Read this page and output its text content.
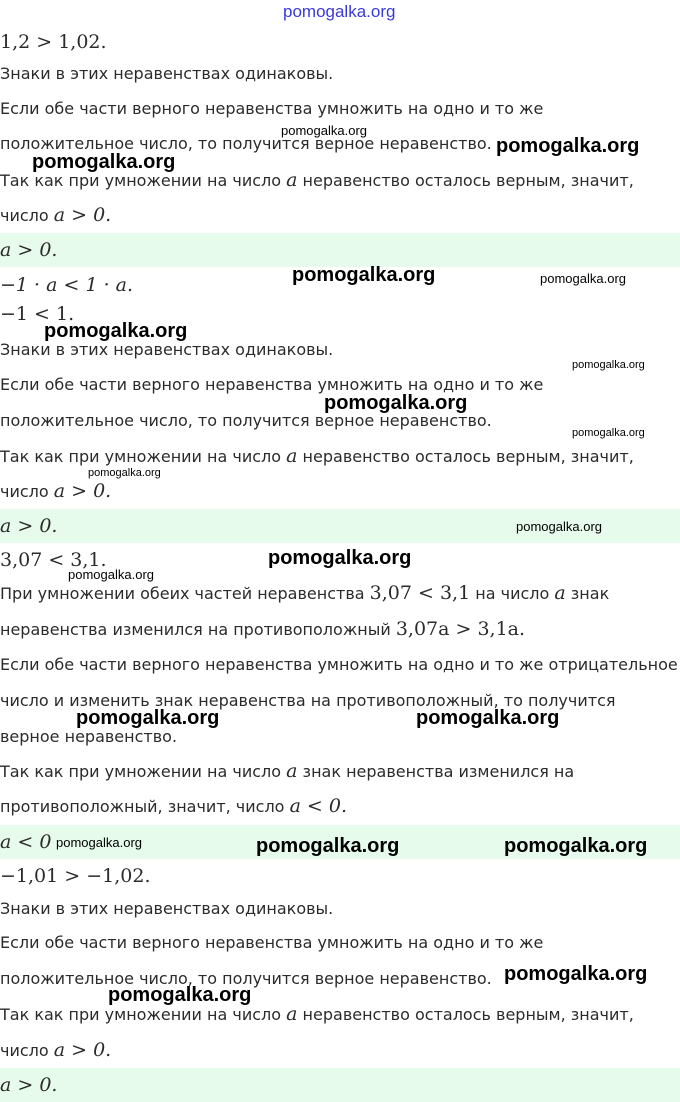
1,2 > 1,02.
Знаки в этих неравенствах одинаковы.
Если обе части верного неравенства умножить на одно и то же
положительное число, то получится верное неравенство.
Так как при умножении на число a неравенство осталось верным, значит,
число a > 0.
a > 0.
−1 · a < 1 · a.
−1 < 1.
Знаки в этих неравенствах одинаковы.
Если обе части верного неравенства умножить на одно и то же
положительное число, то получится верное неравенство.
Так как при умножении на число a неравенство осталось верным, значит,
число a > 0.
a > 0.
3,07 < 3,1.
При умножении обеих частей неравенства 3,07 < 3,1 на число a знак
неравенства изменился на противоположный 3,07a > 3,1a.
Если обе части верного неравенства умножить на одно и то же отрицательное
число и изменить знак неравенства на противоположный, то получится
верное неравенство.
Так как при умножении на число a знак неравенства изменился на
противоположный, значит, число a < 0.
a < 0
−1,01 > −1,02.
Знаки в этих неравенствах одинаковы.
Если обе части верного неравенства умножить на одно и то же
положительное число, то получится верное неравенство.
Так как при умножении на число a неравенство осталось верным, значит,
число a > 0.
a > 0.
pomogalka.org
pomogalka.org
pomogalka.org
pomogalka.org
pomogalka.org	pomogalka.org
pomogalka.org
pomogalka.org
pomogalka.org
pomogalka.org
pomogalka.org
pomogalka.org
pomogalka.org
pomogalka.org
pomogalka.org	pomogalka.org
pomogalka.org	pomogalka.org	pomogalka.org
pomogalka.org
pomogalka.org
